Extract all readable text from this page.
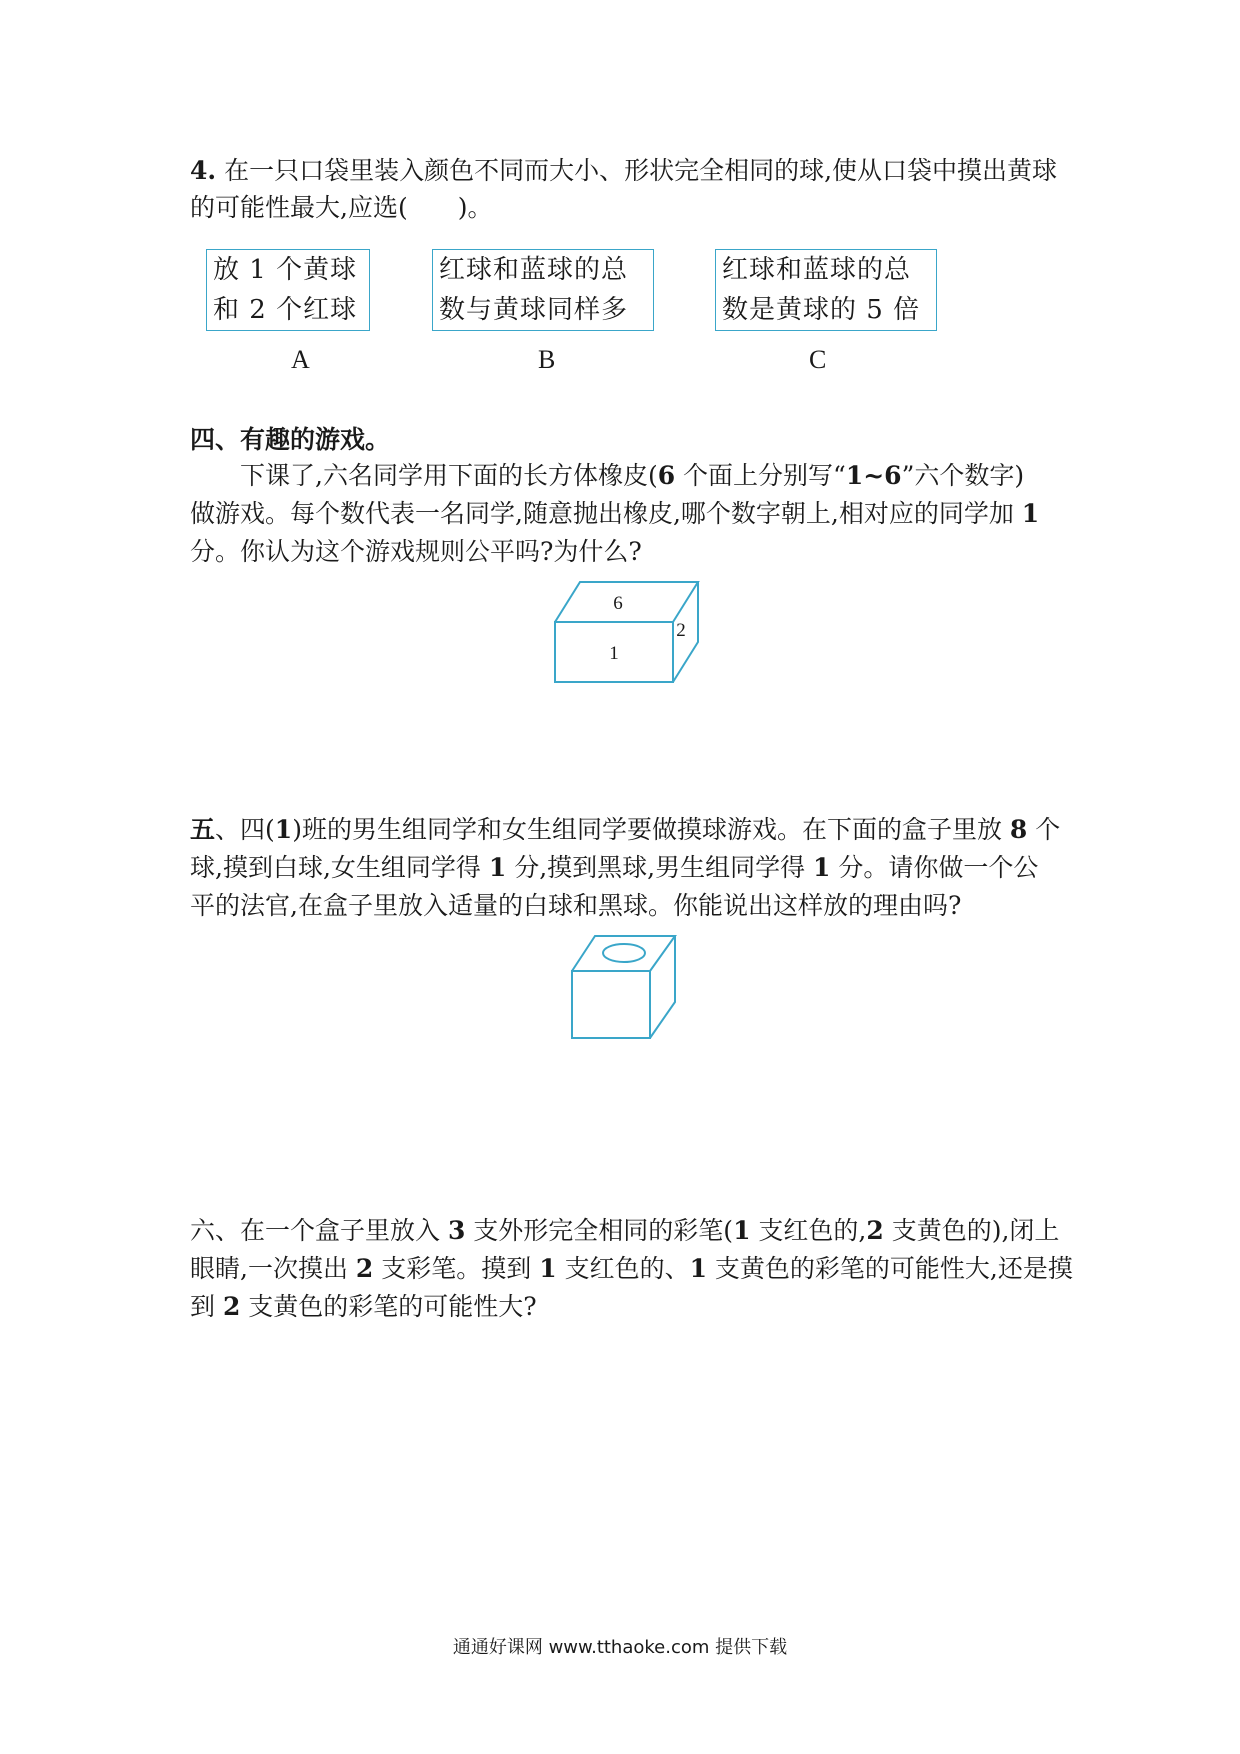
4. 在一只口袋里装入颜色不同而大小、形状完全相同的球,使从口袋中摸出黄球
的可能性最大,应选(　　)。
放 1 个黄球
和 2 个红球
红球和蓝球的总
数与黄球同样多
红球和蓝球的总
数是黄球的 5 倍
A	B	C
四、有趣的游戏。
下课了,六名同学用下面的长方体橡皮(6 个面上分别写“1~6”六个数字)
做游戏。每个数代表一名同学,随意抛出橡皮,哪个数字朝上,相对应的同学加 1
分。你认为这个游戏规则公平吗?为什么?
6
1
2
五、四(1)班的男生组同学和女生组同学要做摸球游戏。在下面的盒子里放 8 个
球,摸到白球,女生组同学得 1 分,摸到黑球,男生组同学得 1 分。请你做一个公
平的法官,在盒子里放入适量的白球和黑球。你能说出这样放的理由吗?
六、在一个盒子里放入 3 支外形完全相同的彩笔(1 支红色的,2 支黄色的),闭上
眼睛,一次摸出 2 支彩笔。摸到 1 支红色的、1 支黄色的彩笔的可能性大,还是摸
到 2 支黄色的彩笔的可能性大?
通通好课网 www.tthaoke.com 提供下载
